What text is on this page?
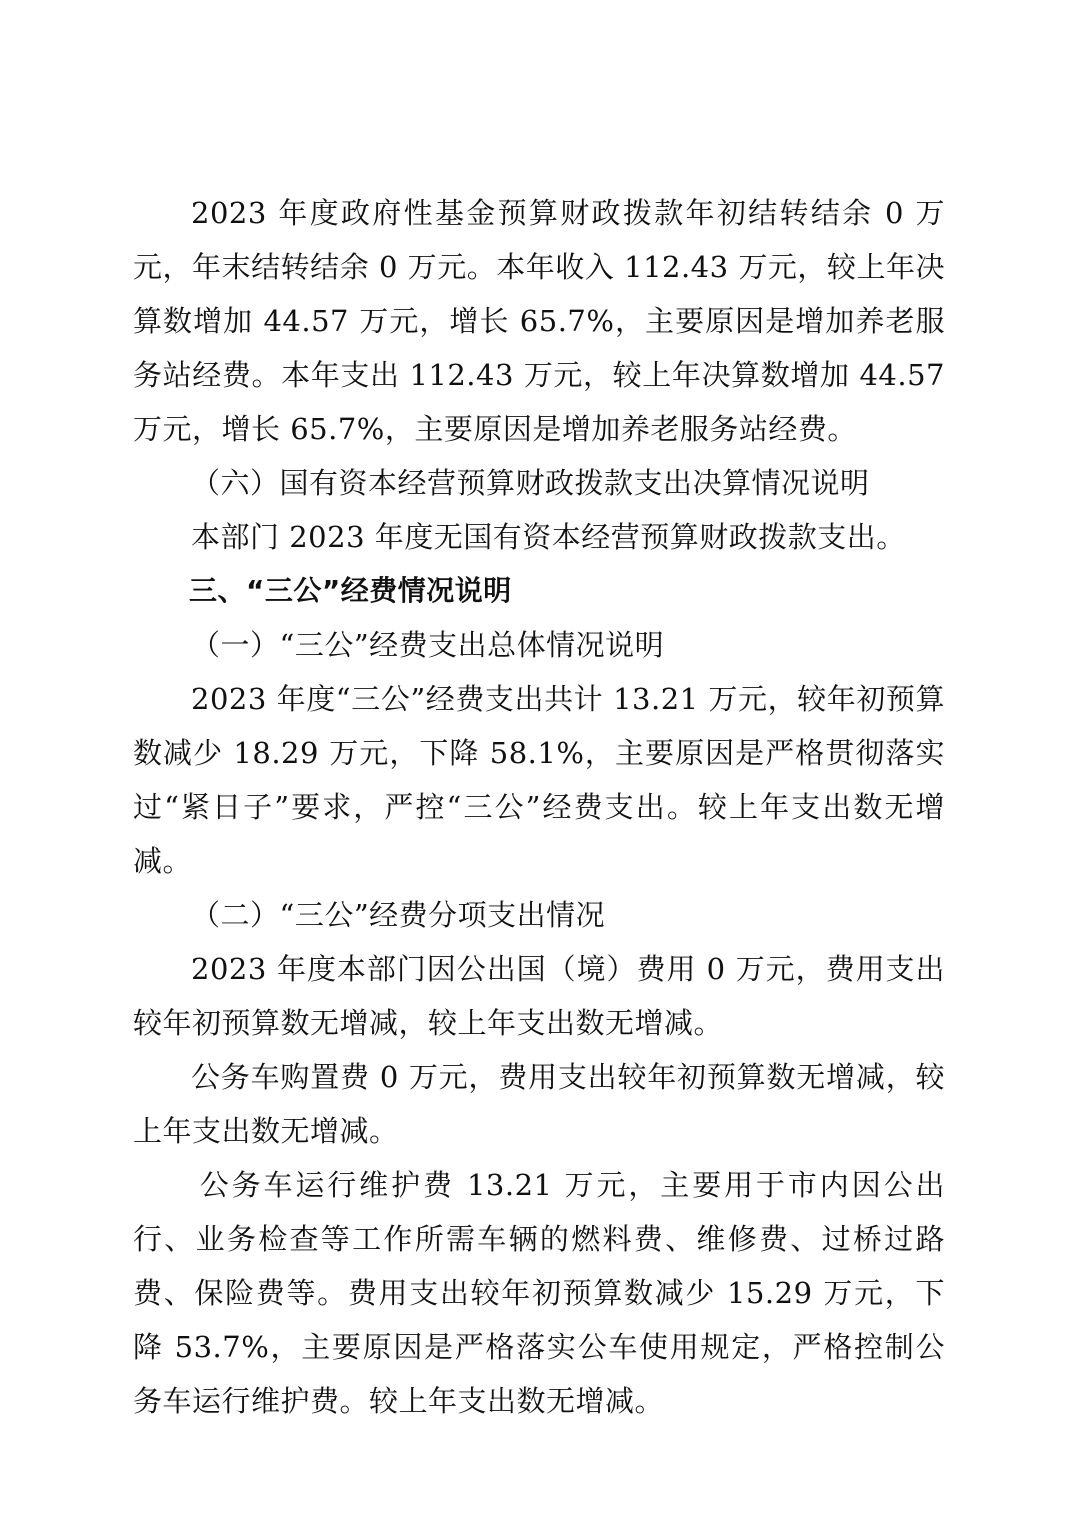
2023 年度政府性基金预算财政拨款年初结转结余 0 万元，年末结转结余 0 万元。本年收入 112.43 万元，较上年决算数增加 44.57 万元，增长 65.7%，主要原因是增加养老服务站经费。本年支出 112.43 万元，较上年决算数增加 44.57 万元，增长 65.7%，主要原因是增加养老服务站经费。

（六）国有资本经营预算财政拨款支出决算情况说明

本部门 2023 年度无国有资本经营预算财政拨款支出。

三、“三公”经费情况说明

（一）“三公”经费支出总体情况说明

2023 年度“三公”经费支出共计 13.21 万元，较年初预算数减少 18.29 万元，下降 58.1%，主要原因是严格贯彻落实过“紧日子”要求，严控“三公”经费支出。较上年支出数无增减。

（二）“三公”经费分项支出情况

2023 年度本部门因公出国（境）费用 0 万元，费用支出较年初预算数无增减，较上年支出数无增减。

公务车购置费 0 万元，费用支出较年初预算数无增减，较上年支出数无增减。

公务车运行维护费 13.21 万元，主要用于市内因公出行、业务检查等工作所需车辆的燃料费、维修费、过桥过路费、保险费等。费用支出较年初预算数减少 15.29 万元，下降 53.7%，主要原因是严格落实公车使用规定，严格控制公务车运行维护费。较上年支出数无增减。
